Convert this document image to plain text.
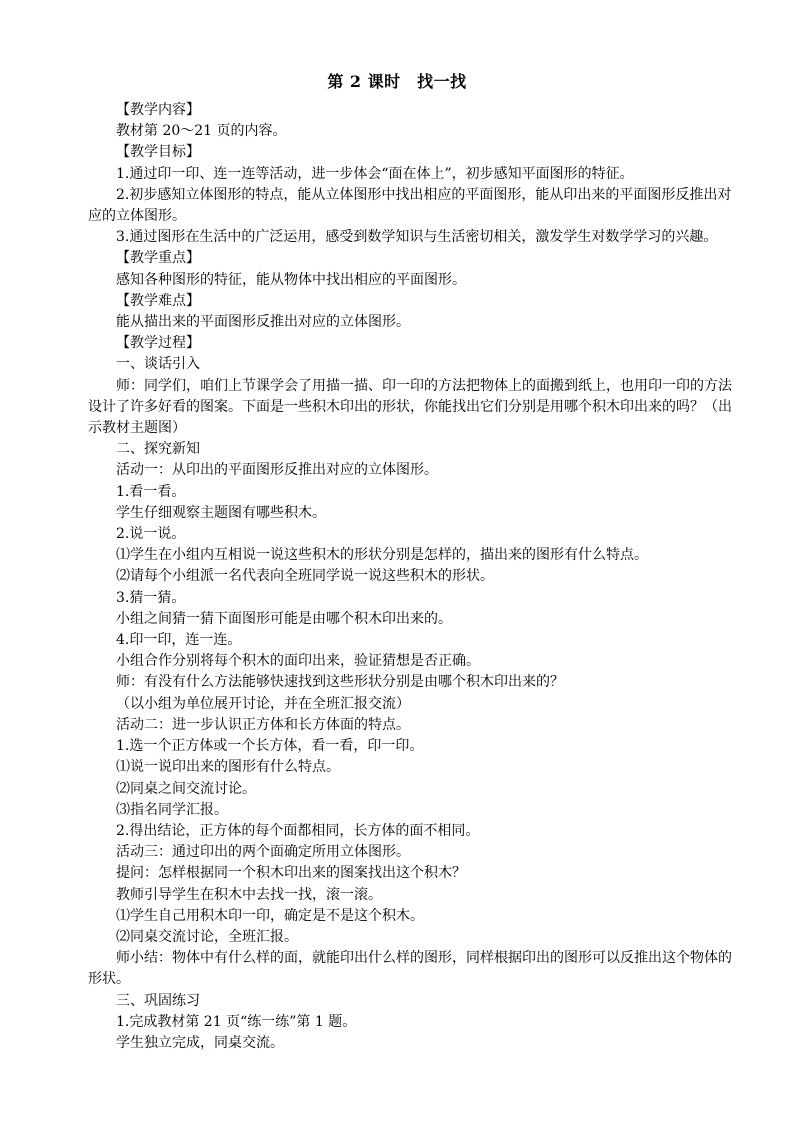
第 2 课时　找一找

【教学内容】

教材第 20～21 页的内容。

【教学目标】

1.通过印一印、连一连等活动，进一步体会“面在体上”，初步感知平面图形的特征。

2.初步感知立体图形的特点，能从立体图形中找出相应的平面图形，能从印出来的平面图形反推出对应的立体图形。

3.通过图形在生活中的广泛运用，感受到数学知识与生活密切相关，激发学生对数学学习的兴趣。

【教学重点】

感知各种图形的特征，能从物体中找出相应的平面图形。

【教学难点】

能从描出来的平面图形反推出对应的立体图形。

【教学过程】

一、谈话引入

师：同学们，咱们上节课学会了用描一描、印一印的方法把物体上的面搬到纸上，也用印一印的方法设计了许多好看的图案。下面是一些积木印出的形状，你能找出它们分别是用哪个积木印出来的吗？（出示教材主题图）

二、探究新知

活动一：从印出的平面图形反推出对应的立体图形。

1.看一看。

学生仔细观察主题图有哪些积木。

2.说一说。

⑴学生在小组内互相说一说这些积木的形状分别是怎样的，描出来的图形有什么特点。

⑵请每个小组派一名代表向全班同学说一说这些积木的形状。

3.猜一猜。

小组之间猜一猜下面图形可能是由哪个积木印出来的。

4.印一印，连一连。

小组合作分别将每个积木的面印出来，验证猜想是否正确。

师：有没有什么方法能够快速找到这些形状分别是由哪个积木印出来的？

（以小组为单位展开讨论，并在全班汇报交流）

活动二：进一步认识正方体和长方体面的特点。

1.选一个正方体或一个长方体，看一看，印一印。

⑴说一说印出来的图形有什么特点。

⑵同桌之间交流讨论。

⑶指名同学汇报。

2.得出结论，正方体的每个面都相同，长方体的面不相同。

活动三：通过印出的两个面确定所用立体图形。

提问：怎样根据同一个积木印出来的图案找出这个积木？

教师引导学生在积木中去找一找，滚一滚。

⑴学生自己用积木印一印，确定是不是这个积木。

⑵同桌交流讨论，全班汇报。

师小结：物体中有什么样的面，就能印出什么样的图形，同样根据印出的图形可以反推出这个物体的形状。

三、巩固练习

1.完成教材第 21 页“练一练”第 1 题。

学生独立完成，同桌交流。
